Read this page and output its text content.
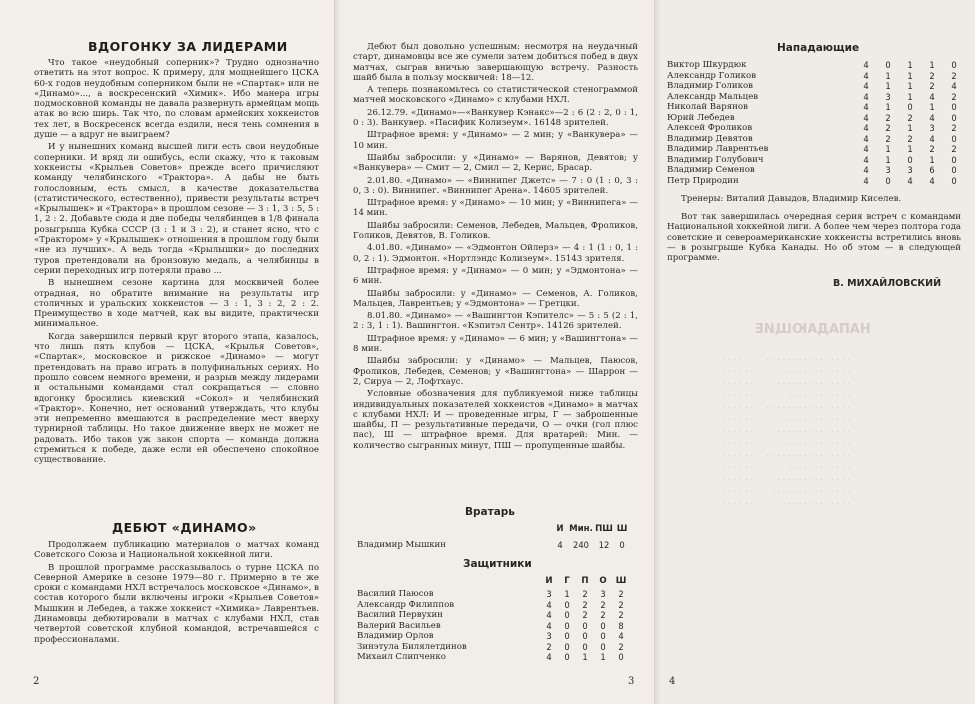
ВДОГОНКУ ЗА ЛИДЕРАМИ

Что такое «неудобный соперник»? Трудно однозначно ответить на этот вопрос. К примеру, для мощнейшего ЦСКА 60-х годов неудобным соперником были не «Спартак» или не «Динамо»..., а воскресенский «Химик». Ибо манера игры подмосковной команды не давала развернуть армейцам мощь атак во всю ширь. Так что, по словам армейских хоккеистов тех лет, в Воскресенск всегда ездили, неся тень сомнения в душе — а вдруг не выиграем?

И у нынешних команд высшей лиги есть свои неудобные соперники. И вряд ли ошибусь, если скажу, что к таковым хоккеисты «Крыльев Советов» прежде всего причисляют команду челябинского «Трактора». А дабы не быть голословным, есть смысл, в качестве доказательства (статистического, естественно), привести результаты встреч «Крылышек» и «Трактора» в прошлом сезоне — 3 : 1, 3 : 5, 5 : 1, 2 : 2. Добавьте сюда и две победы челябинцев в 1/8 финала розыгрыша Кубка СССР (3 : 1 и 3 : 2), и станет ясно, что с «Трактором» у «Крылышек» отношения в прошлом году были «не из лучших». А ведь тогда «Крылышки» до последних туров претендовали на бронзовую медаль, а челябинцы в серии переходных игр потеряли право ...

В нынешнем сезоне картина для москвичей более отрадная, но обратите внимание на результаты игр столичных и уральских хоккеистов — 3 : 1, 3 : 2, 2 : 2. Преимущество в ходе матчей, как вы видите, практически минимальное.

Когда завершился первый круг второго этапа, казалось, что лишь пять клубов — ЦСКА, «Крылья Советов», «Спартак», московское и рижское «Динамо» — могут претендовать на право играть в полуфинальных сериях. Но прошло совсем немного времени, и разрыв между лидерами и остальными командами стал сокращаться — словно вдогонку бросились киевский «Сокол» и челябинский «Трактор». Конечно, нет оснований утверждать, что клубы эти непременно вмешаются в распределение мест вверху турнирной таблицы. Но такое движение вверх не может не радовать. Ибо таков уж закон спорта — команда должна стремиться к победе, даже если ей обеспечено спокойное существование.

ДЕБЮТ «ДИНАМО»

Продолжаем публикацию материалов о матчах команд Советского Союза и Национальной хоккейной лиги.

В прошлой программе рассказывалось о турне ЦСКА по Северной Америке в сезоне 1979—80 г. Примерно в те же сроки с командами НХЛ встречалось московское «Динамо», в состав которого были включены игроки «Крыльев Советов» Мышкин и Лебедев, а также хоккеист «Химика» Лаврентьев. Динамовцы дебютировали в матчах с клубами НХЛ, став четвертой советской клубной командой, встречавшейся с профессионалами.

2

Дебют был довольно успешным: несмотря на неудачный старт, динамовцы все же сумели затем добиться побед в двух матчах, сыграв вничью завершающую встречу. Разность шайб была в пользу москвичей: 18—12.

А теперь познакомьтесь со статистической стенограммой матчей московского «Динамо» с клубами НХЛ.

26.12.79. «Динамо»—«Ванкувер Кэнакс»—2 : 6 (2 : 2, 0 : 1, 0 : 3). Ванкувер. «Пасифик Колизеум». 16148 зрителей.

Штрафное время: у «Динамо» — 2 мин; у «Ванкувера» — 10 мин.

Шайбы забросили: у «Динамо» — Варянов, Девятов; у «Ванкувера» — Смит — 2, Смил — 2, Керис, Брасар.

2.01.80. «Динамо» — «Виннипег Джетс» — 7 : 0 (1 : 0, 3 : 0, 3 : 0). Виннипег. «Виннипег Арена». 14605 зрителей.

Штрафное время: у «Динамо» — 10 мин; у «Виннипега» — 14 мин.

Шайбы забросили: Семенов, Лебедев, Мальцев, Фроликов, Голиков, Девятов, В. Голиков.

4.01.80. «Динамо» — «Эдмонтон Ойлерз» — 4 : 1 (1 : 0, 1 : 0, 2 : 1). Эдмонтон. «Нортлэндс Колизеум». 15143 зрителя.

Штрафное время: у «Динамо» — 0 мин; у «Эдмонтона» — 6 мин.

Шайбы забросили: у «Динамо» — Семенов, А. Голиков, Мальцев, Лаврентьев; у «Эдмонтона» — Гретцки.

8.01.80. «Динамо» — «Вашингтон Кэпителс» — 5 : 5 (2 : 1, 2 : 3, 1 : 1). Вашингтон. «Кэпитэл Сентр». 14126 зрителей.

Штрафное время: у «Динамо» — 6 мин; у «Вашингтона» — 8 мин.

Шайбы забросили: у «Динамо» — Мальцев, Паюсов, Фроликов, Лебедев, Семенов; у «Вашингтона» — Шаррон — 2, Сируа — 2, Лофтхаус.

Условные обозначения для публикуемой ниже таблицы индивидуальных показателей хоккеистов «Динамо» в матчах с клубами НХЛ: И — проведенные игры, Г — заброшенные шайбы, П — результативные передачи, О — очки (гол плюс пас), Ш — штрафное время. Для вратарей: Мин. — количество сыгранных минут, ПШ — пропущенные шайбы.

Вратарь
	И	Мин.	ПШ	Ш

Владимир Мышкин	4	240	12	0
Защитники
	И	Г	П	О	Ш

Василий Паюсов	3	1	2	3	2
Александр Филиппов	4	0	2	2	2
Василий Первухин	4	0	2	2	2
Валерий Васильев	4	0	0	0	8
Владимир Орлов	3	0	0	0	4
Зинэтула Билялетдинов	2	0	0	0	2
Михаил Слипченко	4	0	1	1	0
3
НАПАДАЮЩИЕ

. . . . . . . . . . . . . . . .       . . . . .
. . . . . . . . . . . . .           . . . . . .
. . . . . . . . . . . . . . .     . . . . . . .
. . . . . . . . . . . .           . . . . . . .
. . . . . . . . . . . . . . . .   . . . . . . .
. . . . . . . . . . . . .         . . . . . . .
. . . . . . . . . . . . . . .     . . . . . . .
. . . . . . . . . . . . .         . . . . . . .
. . . . . . . . . . . . . . . .   . . . . . . .
. . . . . . . . . . . .           . . . . . . .
. . . . . . . . . . . . . .       . . . . . . .
. . . . . . . . . . . . . . .     . . . . . . .
. . . . . . . . . . . . .         . . . . . . .
Нападающие
Виктор Шкурдюк	4	0	1	1	0
Александр Голиков	4	1	1	2	2
Владимир Голиков	4	1	1	2	4
Александр Мальцев	4	3	1	4	2
Николай Варянов	4	1	0	1	0
Юрий Лебедев	4	2	2	4	0
Алексей Фроликов	4	2	1	3	2
Владимир Девятов	4	2	2	4	0
Владимир Лаврентьев	4	1	1	2	2
Владимир Голубович	4	1	0	1	0
Владимир Семенов	4	3	3	6	0
Петр Природин	4	0	4	4	0
Тренеры: Виталий Давыдов, Владимир Киселев.

Вот так завершилась очередная серия встреч с командами Национальной хоккейной лиги. А более чем через полтора года советские и североамериканские хоккеисты встретились вновь — в розыгрыше Кубка Канады. Но об этом — в следующей программе.

В. МИХАЙЛОВСКИЙ
4
